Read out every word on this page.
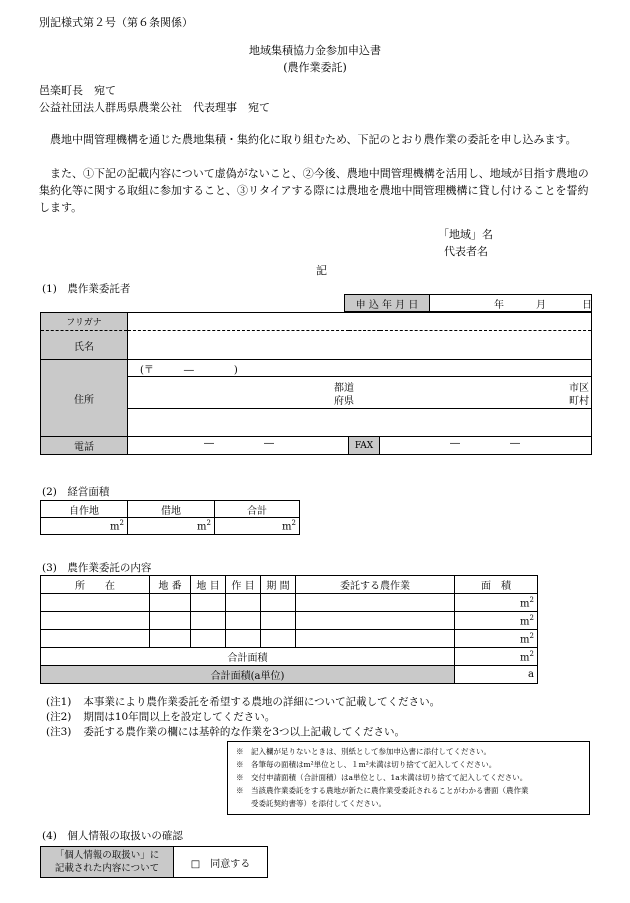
別記様式第２号（第６条関係）
地域集積協力金参加申込書
(農作業委託)
邑楽町長　宛て
公益社団法人群馬県農業公社　代表理事　宛て
農地中間管理機構を通じた農地集積・集約化に取り組むため、下記のとおり農作業の委託を申し込みます。
また、①下記の記載内容について虚偽がないこと、②今後、農地中間管理機構を活用し、地域が目指す農地の集約化等に関する取組に参加すること、③リタイアする際には農地を農地中間管理機構に貸し付けることを誓約します。
「地域」名
代表者名
記
(1)　農作業委託者
申 込 年 月 日	年	月	日
フリガナ			
氏名			
住所	(〒　　　―　　　　)		

	都道
府県
市区
町村		

電話	― ―	FAX	― ―
(2)　経営面積
自作地	借地	合計
$m^2$	$m^2$	$m^2$
(3)　農作業委託の内容
所　　在	地 番	地 目	作 目	期 間	委託する農作業	面　積
						$m^2$
						$m^2$
						$m^2$
合計面積						$m^2$
合計面積(a単位)						a
(注1) 本事業により農作業委託を希望する農地の詳細について記載してください。
(注2) 期間は10年間以上を設定してください。
(注3) 委託する農作業の欄には基幹的な作業を3つ以上記載してください。
※　記入欄が足りないときは、別紙として参加申込書に添付してください。
※　各筆毎の面積はm²単位とし、１m²未満は切り捨てて記入してください。
※　交付申請面積（合計面積）はa単位とし、1a未満は切り捨てて記入してください。
※　当該農作業委託をする農地が新たに農作業受委託されることがわかる書面（農作業
　　受委託契約書等）を添付してください。
(4)　個人情報の取扱いの確認
「個人情報の取扱い」に
記載された内容について	□　同意する
